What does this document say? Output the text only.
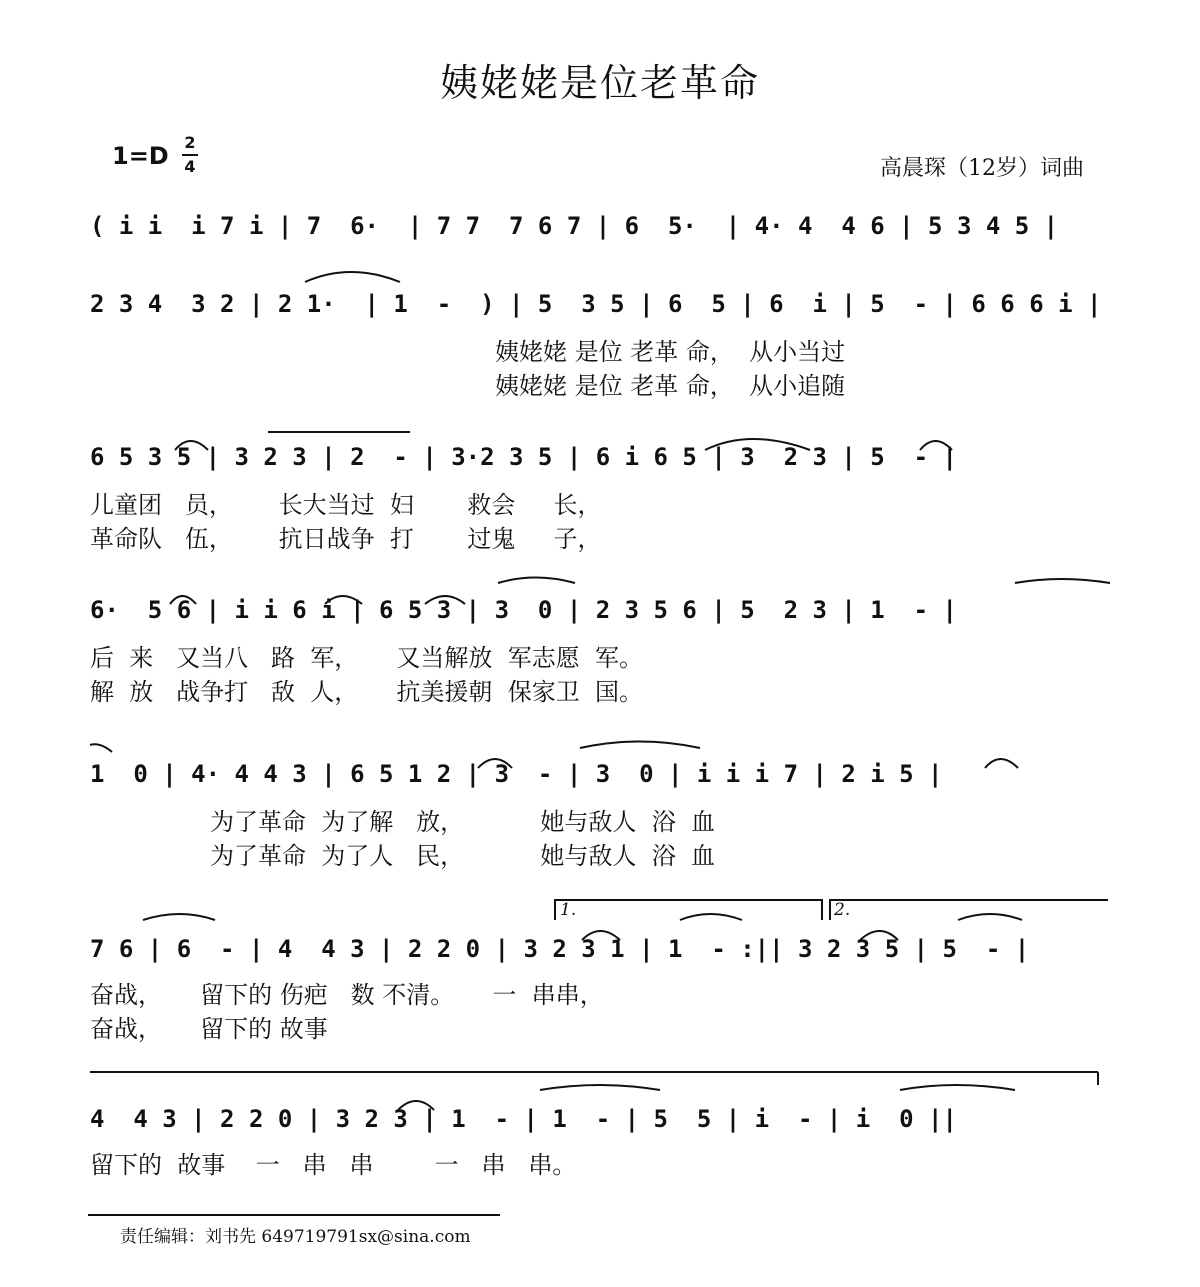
姨姥姥是位老革命
1=D 2
4	高晨琛（12岁）词曲
( i i  i 7 i | 7  6·  | 7 7  7 6 7 | 6  5·  | 4· 4  4 6 | 5 3 4 5 |
2 3 4  3 2 | 2 1·  | 1  -  ) | 5  3 5 | 6  5 | 6  i | 5  - | 6 6 6 i |
姨姥姥 是位 老革 命，  从小当过
姨姥姥 是位 老革 命，  从小追随
6 5 3 5 | 3 2 3 | 2  - | 3·2 3 5 | 6 i 6 5 | 3  2 3 | 5  - |
儿童团   员，      长大当过  妇       救会     长，
革命队   伍，      抗日战争  打       过鬼     子，
6·  5 6 | i i 6 i | 6 5 3 | 3  0 | 2 3 5 6 | 5  2 3 | 1  - |
后  来   又当八   路  军，     又当解放  军志愿  军。
解  放   战争打   敌  人，     抗美援朝  保家卫  国。
1  0 | 4· 4 4 3 | 6 5 1 2 | 3  - | 3  0 | i i i 7 | 2 i 5 |
为了革命  为了解   放，          她与敌人  浴  血
为了革命  为了人   民，          她与敌人  浴  血
1.	2.
7 6 | 6  - | 4  4 3 | 2 2 0 | 3 2 3 1 | 1  - :|| 3 2 3 5 | 5  - |
奋战，     留下的 伤疤   数 不清。     一  串串，
奋战，     留下的 故事
4  4 3 | 2 2 0 | 3 2 3 | 1  - | 1  - | 5  5 | i  - | i  0 ||
留下的  故事    一   串   串        一   串   串。
责任编辑：刘书先 649719791sx@sina.com
